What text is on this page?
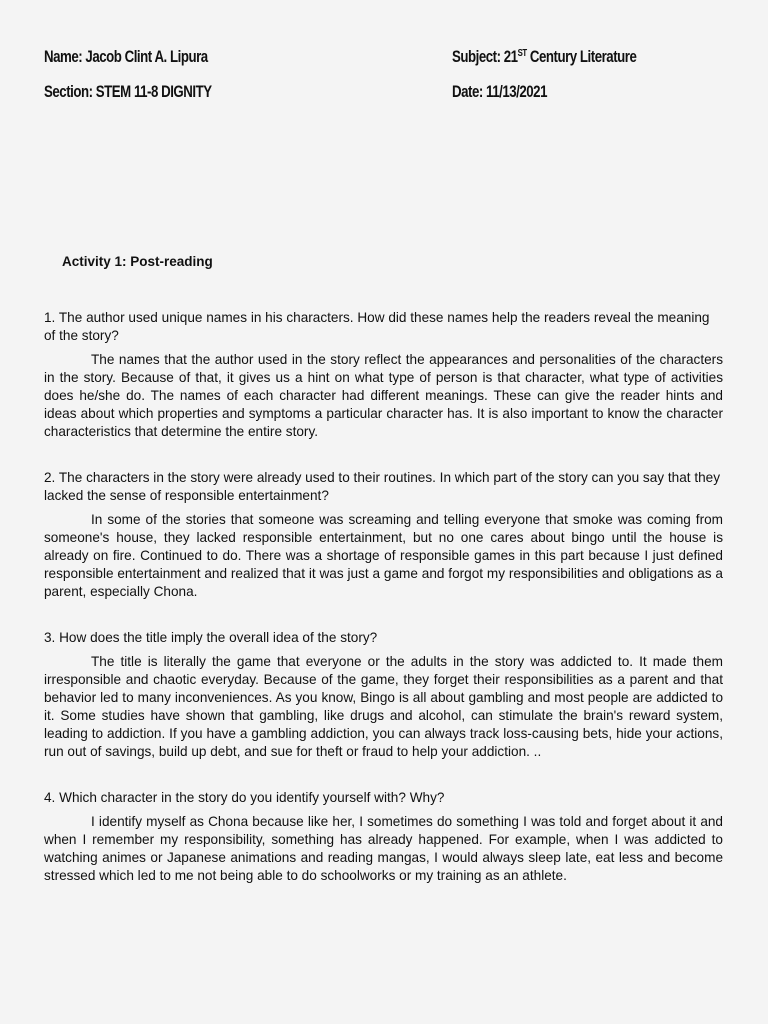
Name: Jacob Clint A. Lipura
Section: STEM 11-8 DIGNITY
Subject: 21ST Century Literature
Date: 11/13/2021
Activity 1: Post-reading

1. The author used unique names in his characters. How did these names help the readers reveal the meaning of the story?

The names that the author used in the story reflect the appearances and personalities of the characters in the story. Because of that, it gives us a hint on what type of person is that character, what type of activities does he/she do. The names of each character had different meanings. These can give the reader hints and ideas about which properties and symptoms a particular character has. It is also important to know the character characteristics that determine the entire story.

2. The characters in the story were already used to their routines. In which part of the story can you say that they lacked the sense of responsible entertainment?

In some of the stories that someone was screaming and telling everyone that smoke was coming from someone's house, they lacked responsible entertainment, but no one cares about bingo until the house is already on fire. Continued to do. There was a shortage of responsible games in this part because I just defined responsible entertainment and realized that it was just a game and forgot my responsibilities and obligations as a parent, especially Chona.

3. How does the title imply the overall idea of the story?

The title is literally the game that everyone or the adults in the story was addicted to. It made them irresponsible and chaotic everyday. Because of the game, they forget their responsibilities as a parent and that behavior led to many inconveniences. As you know, Bingo is all about gambling and most people are addicted to it. Some studies have shown that gambling, like drugs and alcohol, can stimulate the brain's reward system, leading to addiction. If you have a gambling addiction, you can always track loss-causing bets, hide your actions, run out of savings, build up debt, and sue for theft or fraud to help your addiction. ..

4. Which character in the story do you identify yourself with? Why?

I identify myself as Chona because like her, I sometimes do something I was told and forget about it and when I remember my responsibility, something has already happened. For example, when I was addicted to watching animes or Japanese animations and reading mangas, I would always sleep late, eat less and become stressed which led to me not being able to do schoolworks or my training as an athlete.
